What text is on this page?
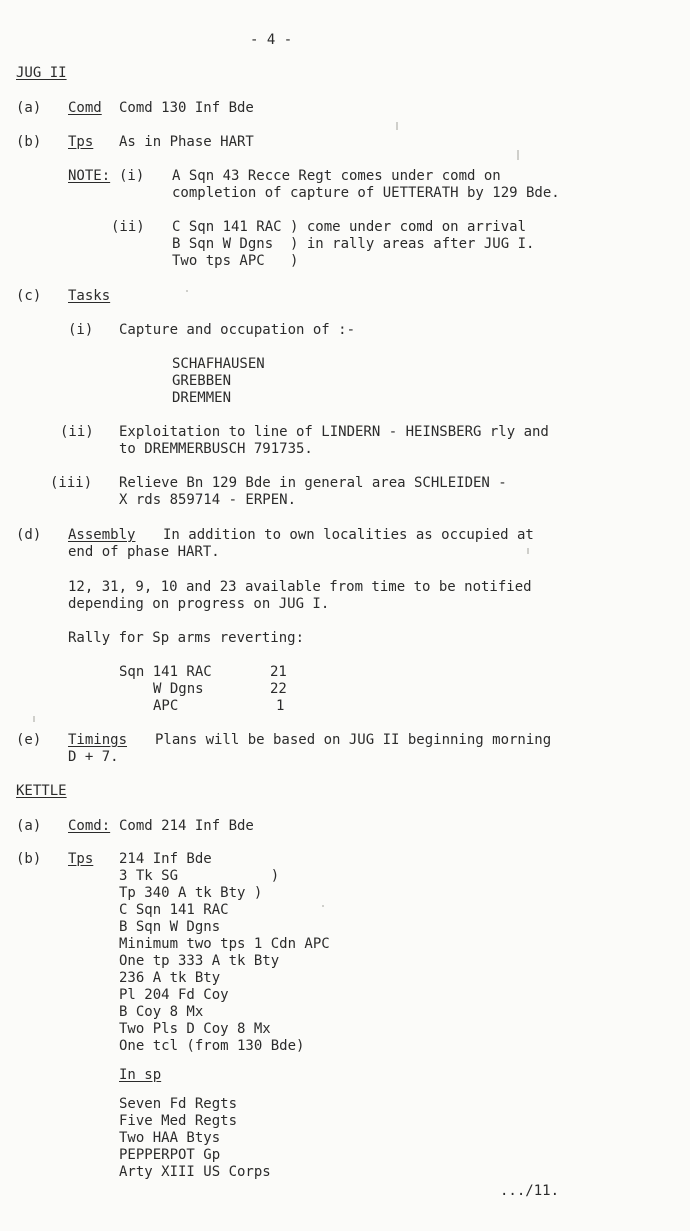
- 4 -
JUG II
(a) Comd Comd 130 Inf Bde
(b) Tps As in Phase HART
NOTE: (i) A Sqn 43 Recce Regt comes under comd on
completion of capture of UETTERATH by 129 Bde.
(ii) C Sqn 141 RAC ) come under comd on arrival
B Sqn W Dgns  ) in rally areas after JUG I.
Two tps APC   )
(c) Tasks
(i) Capture and occupation of :-
SCHAFHAUSEN
GREBBEN
DREMMEN
(ii) Exploitation to line of LINDERN - HEINSBERG rly and
to DREMMERBUSCH 791735.
(iii) Relieve Bn 129 Bde in general area SCHLEIDEN -
X rds 859714 - ERPEN.
(d) Assembly In addition to own localities as occupied at
end of phase HART.
12, 31, 9, 10 and 23 available from time to be notified
depending on progress on JUG I.
Rally for Sp arms reverting:
Sqn 141 RAC	21
W Dgns	22
APC	1
(e) Timings Plans will be based on JUG II beginning morning
D + 7.
KETTLE
(a) Comd: Comd 214 Inf Bde
(b) Tps 214 Inf Bde
3 Tk SG           )
Tp 340 A tk Bty )
C Sqn 141 RAC
B Sqn W Dgns
Minimum two tps 1 Cdn APC
One tp 333 A tk Bty
236 A tk Bty
Pl 204 Fd Coy
B Coy 8 Mx
Two Pls D Coy 8 Mx
One tcl (from 130 Bde)
In sp
Seven Fd Regts
Five Med Regts
Two HAA Btys
PEPPERPOT Gp
Arty XIII US Corps
.../11.
